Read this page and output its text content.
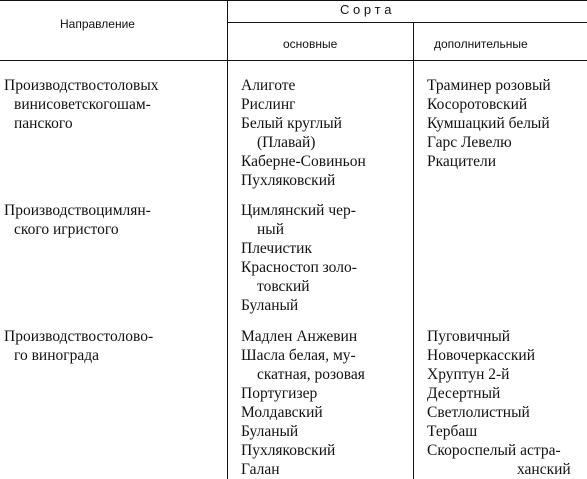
Направление
С о р т а
основные	дополнительные
Производствостоловых
винисоветскогошам-
панского
Алиготе
Рислинг
Белый круглый
(Плавай)
Каберне-Совиньон
Пухляковский
Траминер розовый
Косоротовский
Кумшацкий белый
Гарс Левелю
Ркацители
Производствоцимлян-
ского игристого
Цимлянский чер-
ный
Плечистик
Красностоп золо-
товский
Буланый
Производствостолово-
го винограда
Мадлен Анжевин
Шасла белая, му-
скатная, розовая
Португизер
Молдавский
Буланый
Пухляковский
Галан
Пуговичный
Новочеркасский
Хруптун 2-й
Десертный
Светлолистный
Тербаш
Скороспелый астра-
ханский
